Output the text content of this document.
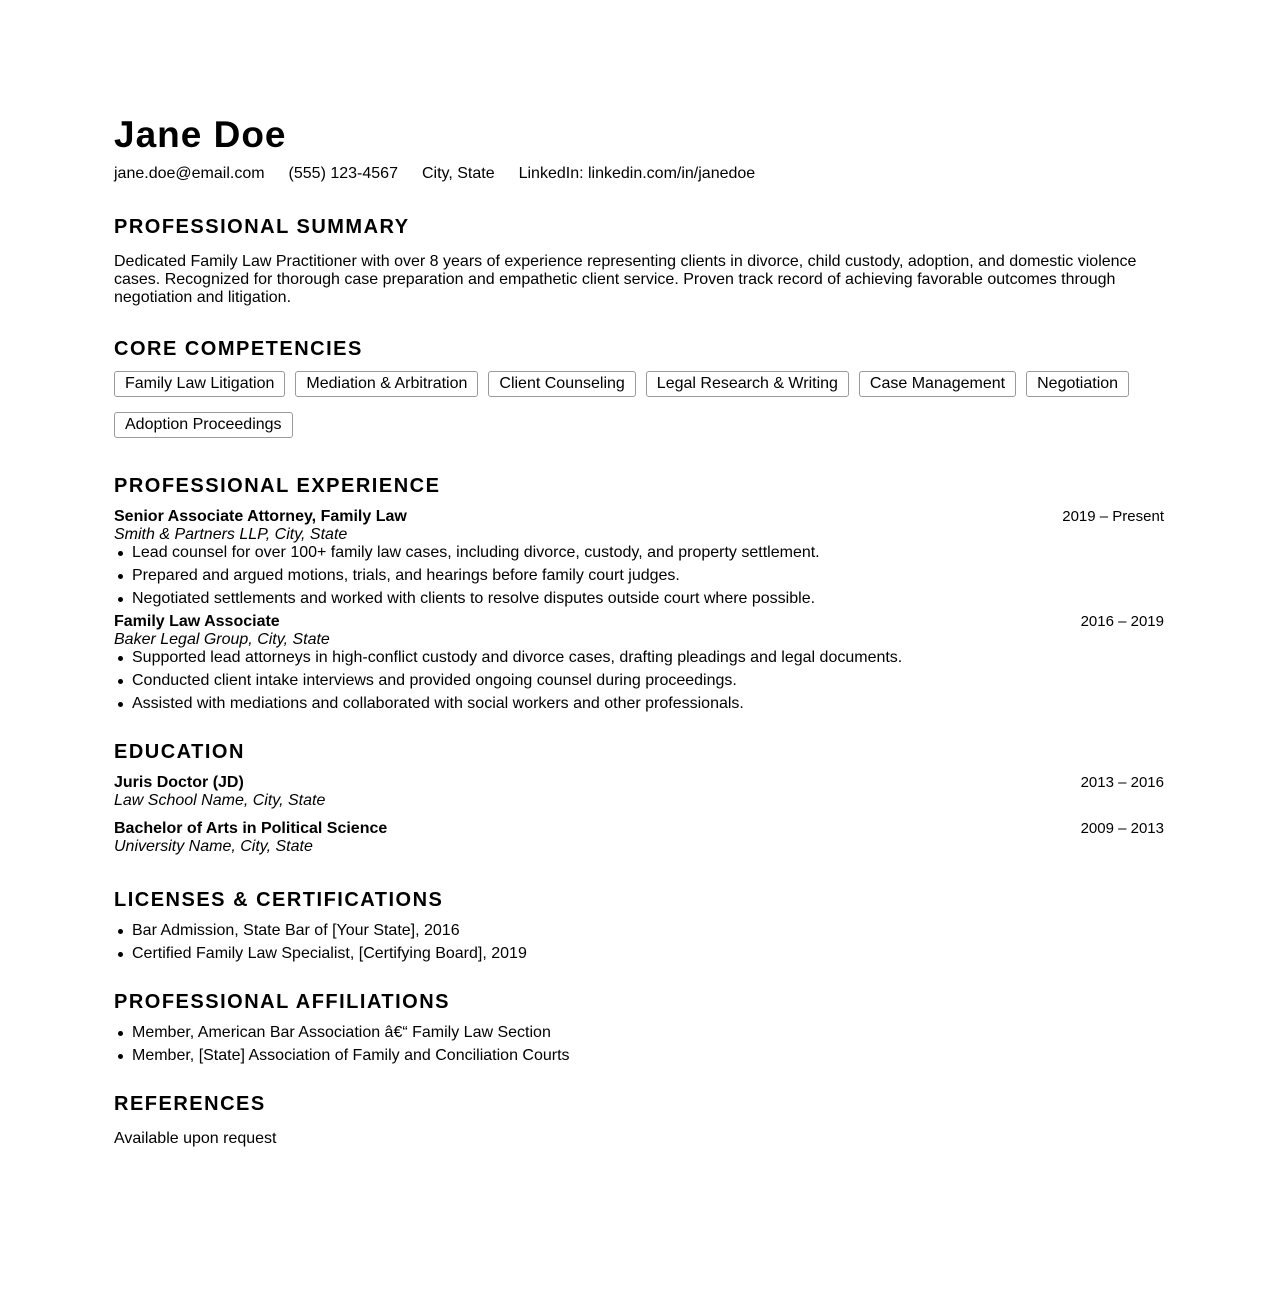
Jane Doe
jane.doe@email.com (555) 123-4567 City, State LinkedIn: linkedin.com/in/janedoe
PROFESSIONAL SUMMARY

Dedicated Family Law Practitioner with over 8 years of experience representing clients in divorce, child custody, adoption, and domestic violence cases. Recognized for thorough case preparation and empathetic client service. Proven track record of achieving favorable outcomes through negotiation and litigation.

CORE COMPETENCIES
Family Law Litigation	Mediation & Arbitration	Client Counseling	Legal Research & Writing	Case Management	Negotiation
Adoption Proceedings
PROFESSIONAL EXPERIENCE
Senior Associate Attorney, Family Law	2019 – Present
Smith & Partners LLP, City, State
Lead counsel for over 100+ family law cases, including divorce, custody, and property settlement.
Prepared and argued motions, trials, and hearings before family court judges.
Negotiated settlements and worked with clients to resolve disputes outside court where possible.
Family Law Associate	2016 – 2019
Baker Legal Group, City, State
Supported lead attorneys in high-conflict custody and divorce cases, drafting pleadings and legal documents.
Conducted client intake interviews and provided ongoing counsel during proceedings.
Assisted with mediations and collaborated with social workers and other professionals.
EDUCATION
Juris Doctor (JD)	2013 – 2016
Law School Name, City, State
Bachelor of Arts in Political Science	2009 – 2013
University Name, City, State
LICENSES & CERTIFICATIONS
Bar Admission, State Bar of [Your State], 2016
Certified Family Law Specialist, [Certifying Board], 2019
PROFESSIONAL AFFILIATIONS
Member, American Bar Association â€“ Family Law Section
Member, [State] Association of Family and Conciliation Courts
REFERENCES
Available upon request
